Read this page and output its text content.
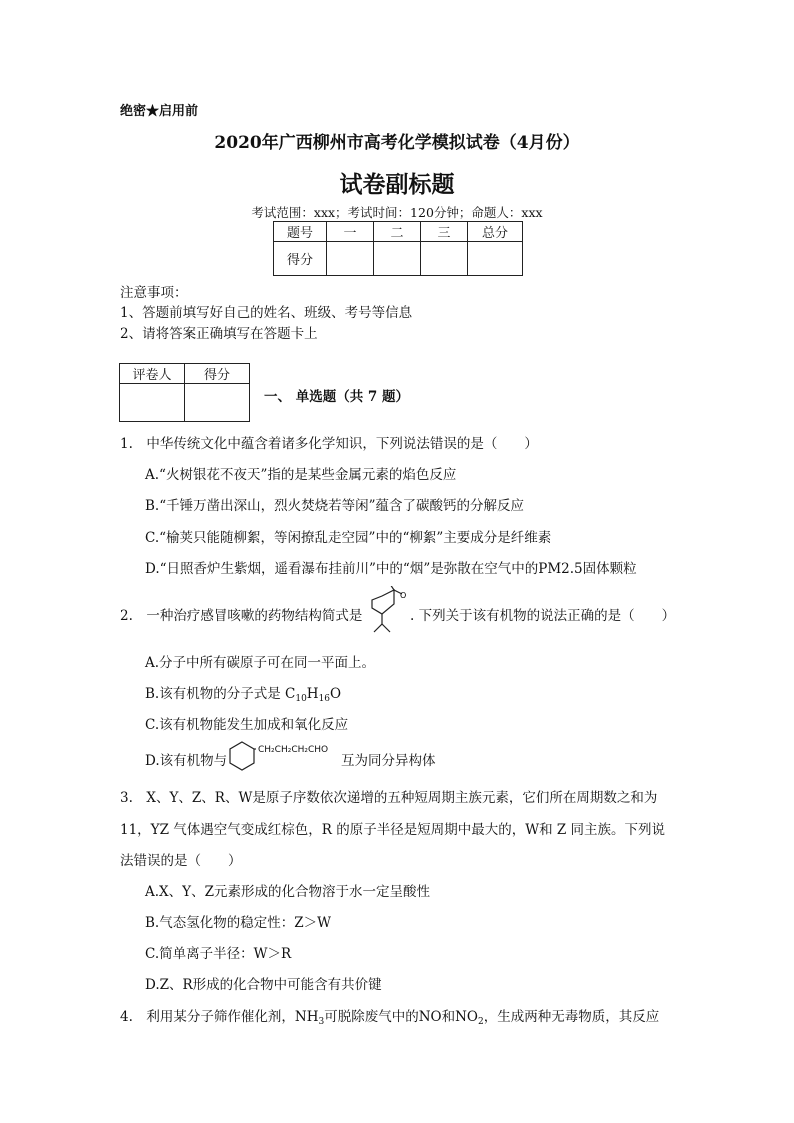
绝密★启用前
2020年广西柳州市高考化学模拟试卷（4月份）
试卷副标题
考试范围：xxx；考试时间：120分钟；命题人：xxx
题号	一	二	三	总分
得分				
注意事项：
1、答题前填写好自己的姓名、班级、考号等信息
2、请将答案正确填写在答题卡上
评卷人	得分

一、 单选题（共 7 题）
1.　中华传统文化中蕴含着诸多化学知识，下列说法错误的是（　　）
A.“火树银花不夜天”指的是某些金属元素的焰色反应
B.“千锤万凿出深山，烈火焚烧若等闲”蕴含了碳酸钙的分解反应
C.“榆荚只能随柳絮，等闲撩乱走空园”中的“柳絮”主要成分是纤维素
D.“日照香炉生紫烟，遥看瀑布挂前川”中的“烟”是弥散在空气中的PM2.5固体颗粒
2.　一种治疗感冒咳嗽的药物结构简式是
O
. 下列关于该有机物的说法正确的是（　　）
A.分子中所有碳原子可在同一平面上。
B.该有机物的分子式是 $C_{10}H_{16}O$
C.该有机物能发生加成和氧化反应
D.该有机物与
CH₂CH₂CH₂CHO
互为同分异构体
3.　X、Y、Z、R、W是原子序数依次递增的五种短周期主族元素，它们所在周期数之和为
11，YZ 气体遇空气变成红棕色，R 的原子半径是短周期中最大的，W和 Z 同主族。下列说
法错误的是（　　）
A.X、Y、Z元素形成的化合物溶于水一定呈酸性
B.气态氢化物的稳定性：Z＞W
C.简单离子半径：W＞R
D.Z、R形成的化合物中可能含有共价键
4.　利用某分子筛作催化剂，$NH_3$可脱除废气中的NO和$NO_2$，生成两种无毒物质，其反应
